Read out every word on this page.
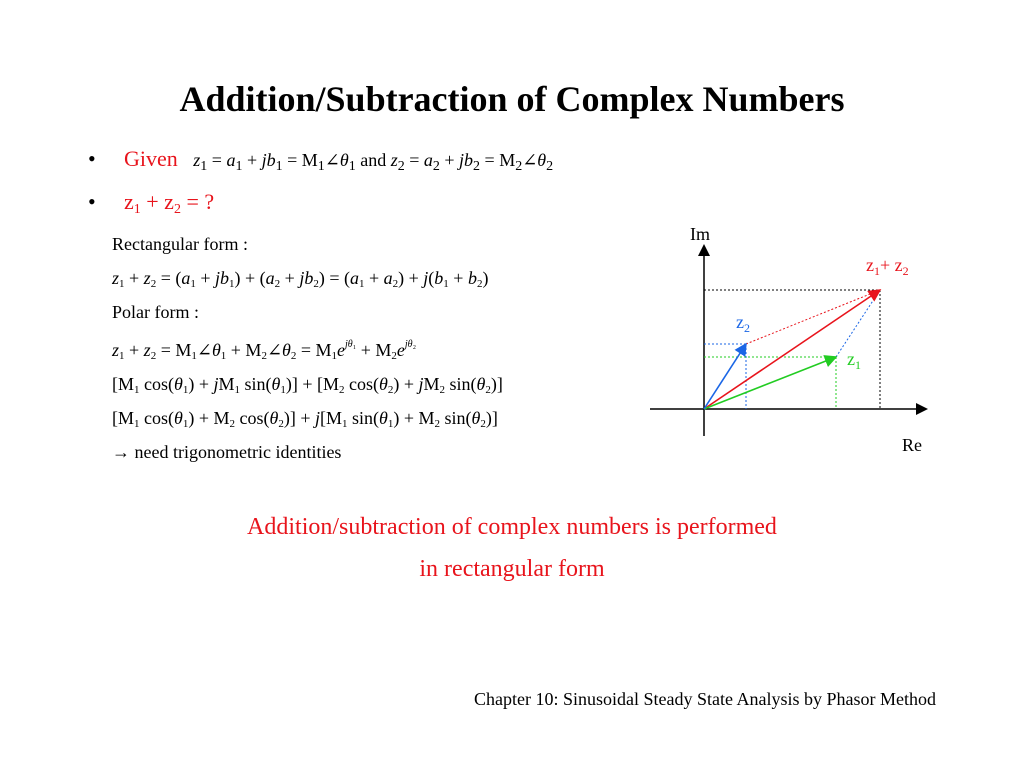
Addition/Subtraction of Complex Numbers
• Given $z_1 = a_1 + jb_1$ = $M_1\angle\theta_1$ and $z_2 = a_2 + jb_2$ = $M_2\angle\theta_2$
• $z_1 + z_2$ = ?
Rectangular form :
$z_1 + z_2 = (a_1 + jb_1) + (a_2 + jb_2) = (a_1 + a_2) + j(b_1 + b_2)$
Polar form :
$z_1 + z_2$ = $M_1\angle\theta_1$ + $M_2\angle\theta_2 = M_1e^{j\theta_1} + M_2e^{j\theta_2}$
[$M_1$ $\cos(\theta_1) + jM_1$ $\sin(\theta_1)] + [M_2$ $\cos(\theta_2) + jM_2$ $\sin(\theta_2)$]
[$M_1$ $\cos(\theta_1) + M_2$ $\cos(\theta_2)] + j[M_1$ $\sin(\theta_1) + M_2$ $\sin(\theta_2)$]
→ need trigonometric identities
Addition/subtraction of complex numbers is performed
in rectangular form
Chapter 10: Sinusoidal Steady State Analysis by Phasor Method
Im
Re
$z_1+ z_2$
$z_2$
$z_1$
